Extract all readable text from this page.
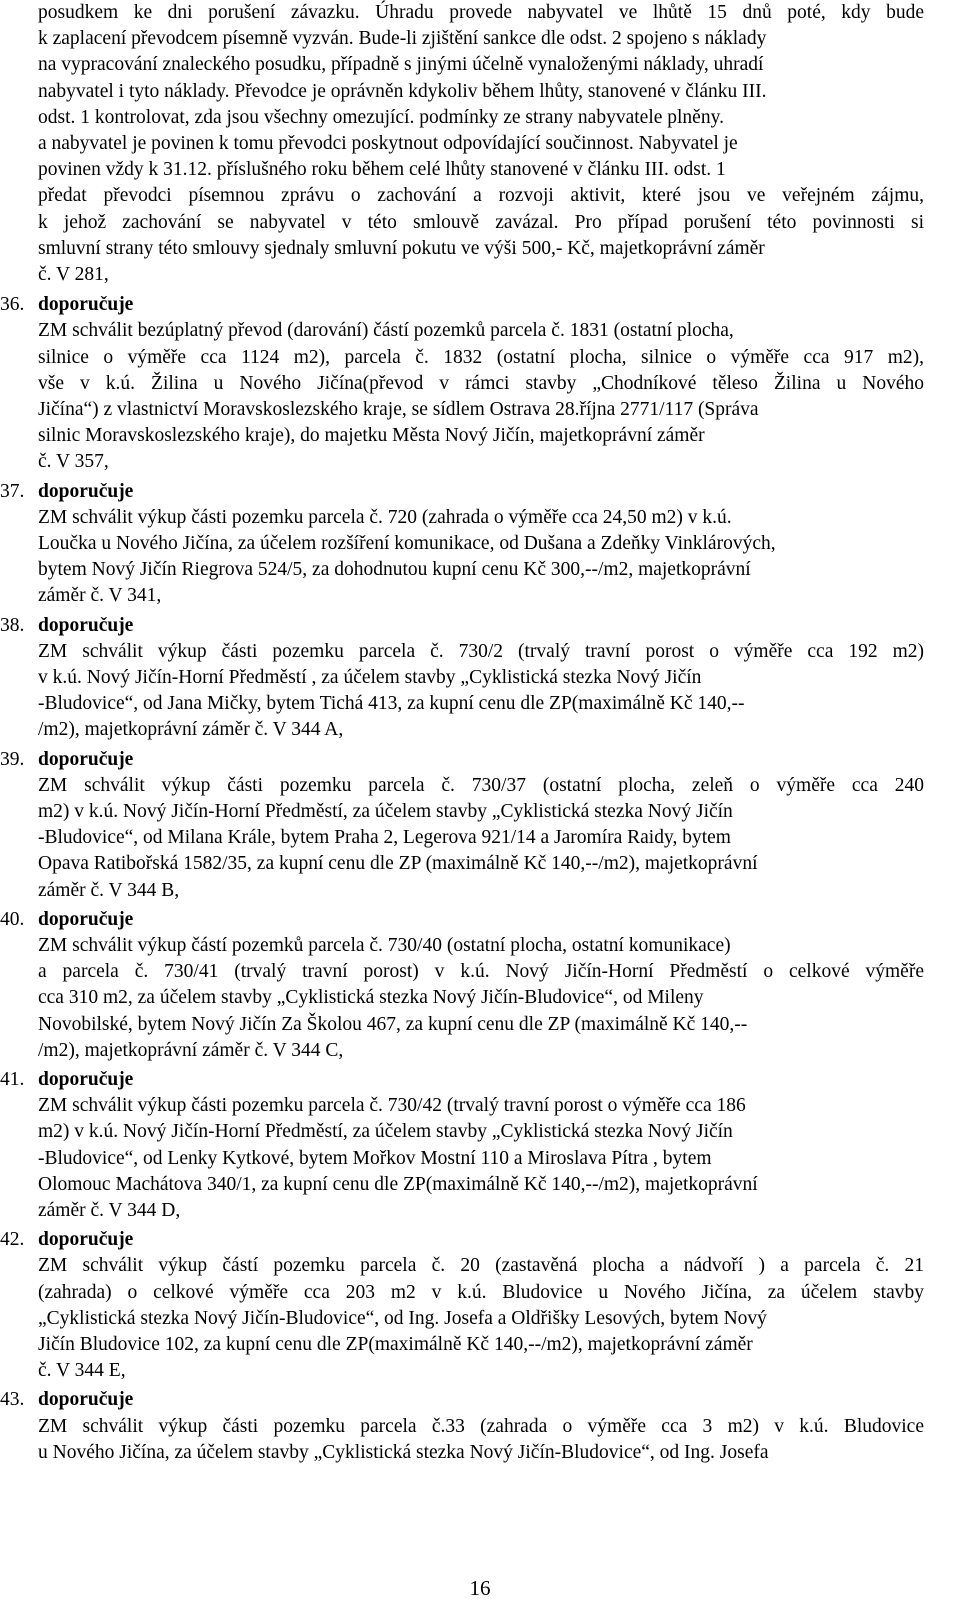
posudkem ke dni porušení závazku. Úhradu provede nabyvatel ve lhůtě 15 dnů poté, kdy bude
k zaplacení převodcem písemně vyzván. Bude-li zjištění sankce dle odst. 2 spojeno s náklady
na vypracování znaleckého posudku, případně s jinými účelně vynaloženými náklady, uhradí
nabyvatel i tyto náklady. Převodce je oprávněn kdykoliv během lhůty, stanovené v článku III.
odst. 1 kontrolovat, zda jsou všechny omezující. podmínky ze strany nabyvatele plněny.
a nabyvatel je povinen k tomu převodci poskytnout odpovídající součinnost. Nabyvatel je
povinen vždy k 31.12. příslušného roku během celé lhůty stanovené v článku III. odst. 1
předat převodci písemnou zprávu o zachování a rozvoji aktivit, které jsou ve veřejném zájmu,
k jehož zachování se nabyvatel v této smlouvě zavázal. Pro případ porušení této povinnosti si
smluvní strany této smlouvy sjednaly smluvní pokutu ve výši 500,- Kč, majetkoprávní záměr
č. V 281,
36. doporučuje
ZM schválit bezúplatný převod (darování) částí pozemků parcela č. 1831 (ostatní plocha,
silnice o výměře cca 1124 m2), parcela č. 1832 (ostatní plocha, silnice o výměře cca 917 m2),
vše v k.ú. Žilina u Nového Jičína(převod v rámci stavby „Chodníkové těleso Žilina u Nového
Jičína“) z vlastnictví Moravskoslezského kraje, se sídlem Ostrava 28.října 2771/117 (Správa
silnic Moravskoslezského kraje), do majetku Města Nový Jičín, majetkoprávní záměr
č. V 357,
37. doporučuje
ZM schválit výkup části pozemku parcela č. 720 (zahrada o výměře cca 24,50 m2) v k.ú.
Loučka u Nového Jičína, za účelem rozšíření komunikace, od Dušana a Zdeňky Vinklárových,
bytem Nový Jičín Riegrova 524/5, za dohodnutou kupní cenu Kč 300,--/m2, majetkoprávní
záměr č. V 341,
38. doporučuje
ZM schválit výkup části pozemku parcela č. 730/2 (trvalý travní porost o výměře cca 192 m2)
v k.ú. Nový Jičín-Horní Předměstí , za účelem stavby „Cyklistická stezka Nový Jičín
-Bludovice“, od Jana Mičky, bytem Tichá 413, za kupní cenu dle ZP(maximálně Kč 140,--
/m2), majetkoprávní záměr č. V 344 A,
39. doporučuje
ZM schválit výkup části pozemku parcela č. 730/37 (ostatní plocha, zeleň o výměře cca 240
m2) v k.ú. Nový Jičín-Horní Předměstí, za účelem stavby „Cyklistická stezka Nový Jičín
-Bludovice“, od Milana Krále, bytem Praha 2, Legerova 921/14 a Jaromíra Raidy, bytem
Opava Ratibořská 1582/35, za kupní cenu dle ZP (maximálně Kč 140,--/m2), majetkoprávní
záměr č. V 344 B,
40. doporučuje
ZM schválit výkup částí pozemků parcela č. 730/40 (ostatní plocha, ostatní komunikace)
a parcela č. 730/41 (trvalý travní porost) v k.ú. Nový Jičín-Horní Předměstí o celkové výměře
cca 310 m2, za účelem stavby „Cyklistická stezka Nový Jičín-Bludovice“, od Mileny
Novobilské, bytem Nový Jičín Za Školou 467, za kupní cenu dle ZP (maximálně Kč 140,--
/m2), majetkoprávní záměr č. V 344 C,
41. doporučuje
ZM schválit výkup části pozemku parcela č. 730/42 (trvalý travní porost o výměře cca 186
m2) v k.ú. Nový Jičín-Horní Předměstí, za účelem stavby „Cyklistická stezka Nový Jičín
-Bludovice“, od Lenky Kytkové, bytem Mořkov Mostní 110 a Miroslava Pítra , bytem
Olomouc Machátova 340/1, za kupní cenu dle ZP(maximálně Kč 140,--/m2), majetkoprávní
záměr č. V 344 D,
42. doporučuje
ZM schválit výkup částí pozemku parcela č. 20 (zastavěná plocha a nádvoří ) a parcela č. 21
(zahrada) o celkové výměře cca 203 m2 v k.ú. Bludovice u Nového Jičína, za účelem stavby
„Cyklistická stezka Nový Jičín-Bludovice“, od Ing. Josefa a Oldřišky Lesových, bytem Nový
Jičín Bludovice 102, za kupní cenu dle ZP(maximálně Kč 140,--/m2), majetkoprávní záměr
č. V 344 E,
43. doporučuje
ZM schválit výkup části pozemku parcela č.33 (zahrada o výměře cca 3 m2) v k.ú. Bludovice
u Nového Jičína, za účelem stavby „Cyklistická stezka Nový Jičín-Bludovice“, od Ing. Josefa
16
